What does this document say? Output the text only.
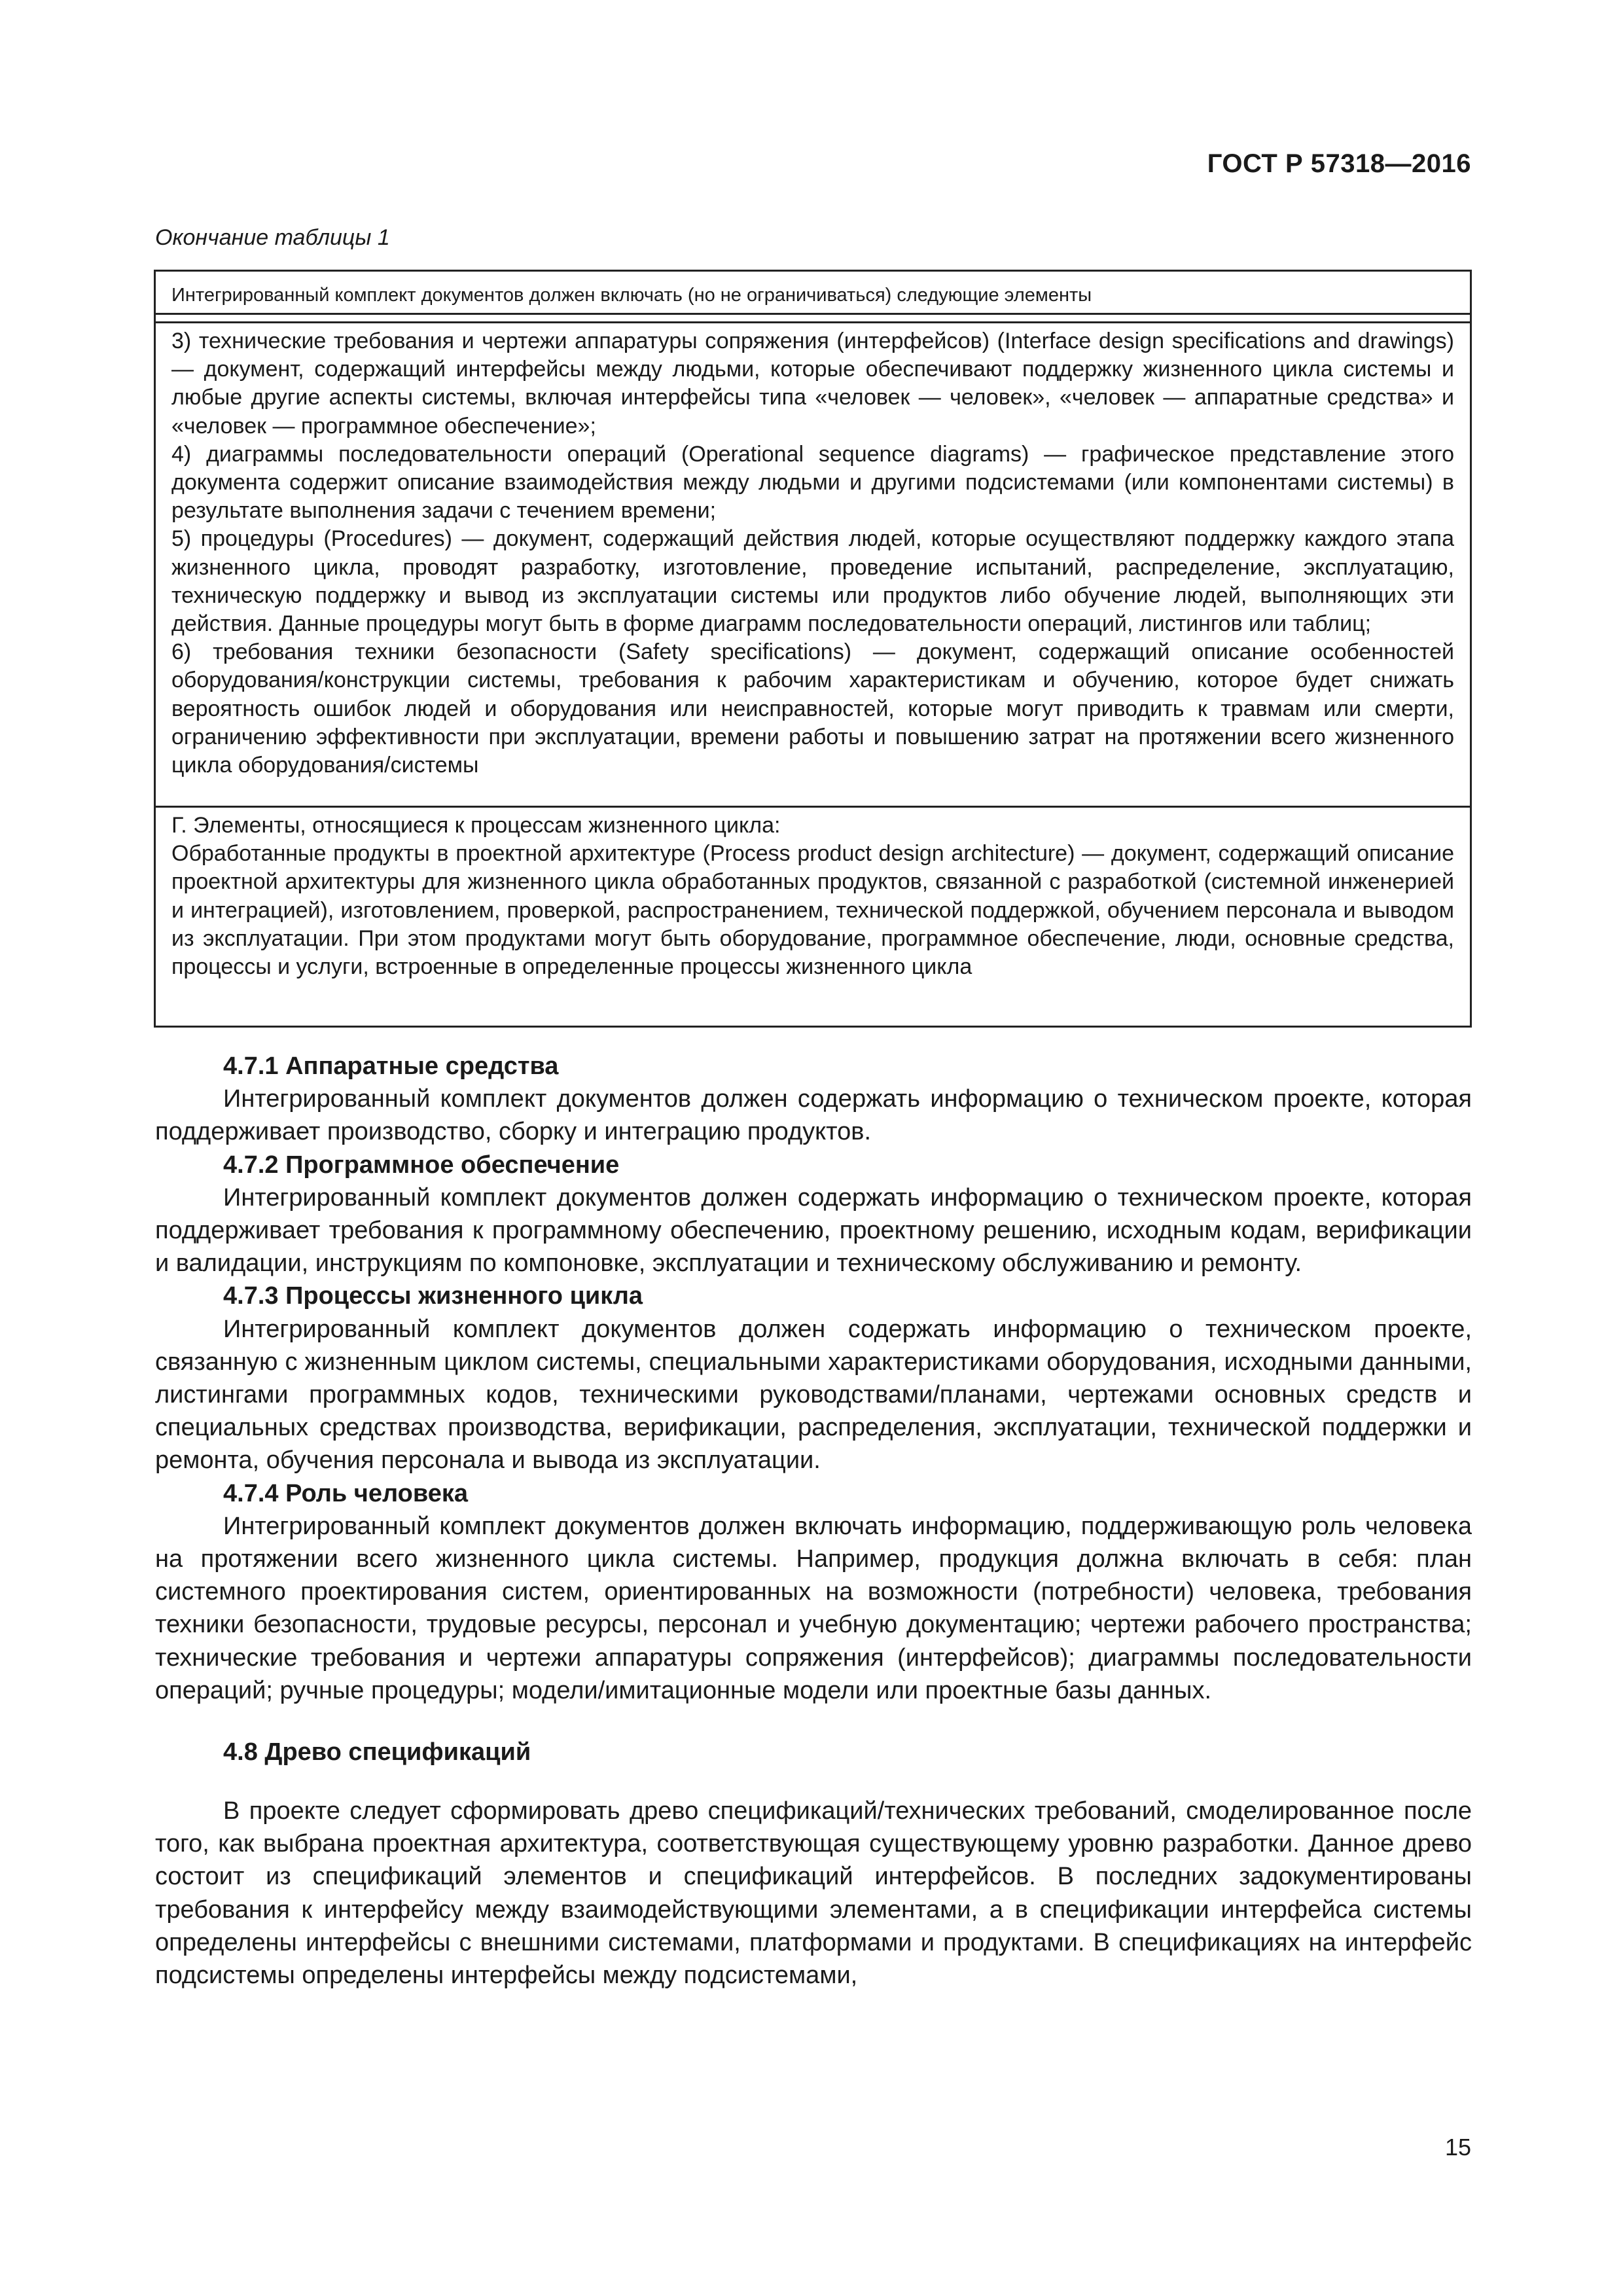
ГОСТ Р 57318—2016
Окончание таблицы 1
Интегрированный комплект документов должен включать (но не ограничиваться) следующие элементы

3) технические требования и чертежи аппаратуры сопряжения (интерфейсов) (Interface design specifications and drawings) — документ, содержащий интерфейсы между людьми, которые обеспечивают поддержку жизненного цикла системы и любые другие аспекты системы, включая интерфейсы типа «человек — человек», «человек — аппаратные средства» и «человек — программное обеспечение»;

4) диаграммы последовательности операций (Operational sequence diagrams) — графическое представление этого документа содержит описание взаимодействия между людьми и другими подсистемами (или компонентами системы) в результате выполнения задачи с течением времени;

5) процедуры (Procedures) — документ, содержащий действия людей, которые осуществляют поддержку каждого этапа жизненного цикла, проводят разработку, изготовление, проведение испытаний, распределение, эксплуатацию, техническую поддержку и вывод из эксплуатации системы или продуктов либо обучение людей, выполняющих эти действия. Данные процедуры могут быть в форме диаграмм последовательности операций, листингов или таблиц;

6) требования техники безопасности (Safety specifications) — документ, содержащий описание особенностей оборудования/конструкции системы, требования к рабочим характеристикам и обучению, которое будет снижать вероятность ошибок людей и оборудования или неисправностей, которые могут приводить к травмам или смерти, ограничению эффективности при эксплуатации, времени работы и повышению затрат на протяжении всего жизненного цикла оборудования/системы

Г. Элементы, относящиеся к процессам жизненного цикла:

Обработанные продукты в проектной архитектуре (Process product design architecture) — документ, содержащий описание проектной архитектуры для жизненного цикла обработанных продуктов, связанной с разработкой (системной инженерией и интеграцией), изготовлением, проверкой, распространением, технической поддержкой, обучением персонала и выводом из эксплуатации. При этом продуктами могут быть оборудование, программное обеспечение, люди, основные средства, процессы и услуги, встроенные в определенные процессы жизненного цикла

4.7.1 Аппаратные средства

Интегрированный комплект документов должен содержать информацию о техническом проекте, которая поддерживает производство, сборку и интеграцию продуктов.

4.7.2 Программное обеспечение

Интегрированный комплект документов должен содержать информацию о техническом проекте, которая поддерживает требования к программному обеспечению, проектному решению, исходным кодам, верификации и валидации, инструкциям по компоновке, эксплуатации и техническому обслуживанию и ремонту.

4.7.3 Процессы жизненного цикла

Интегрированный комплект документов должен содержать информацию о техническом проекте, связанную с жизненным циклом системы, специальными характеристиками оборудования, исходными данными, листингами программных кодов, техническими руководствами/планами, чертежами основных средств и специальных средствах производства, верификации, распределения, эксплуатации, технической поддержки и ремонта, обучения персонала и вывода из эксплуатации.

4.7.4 Роль человека

Интегрированный комплект документов должен включать информацию, поддерживающую роль человека на протяжении всего жизненного цикла системы. Например, продукция должна включать в себя: план системного проектирования систем, ориентированных на возможности (потребности) человека, требования техники безопасности, трудовые ресурсы, персонал и учебную документацию; чертежи рабочего пространства; технические требования и чертежи аппаратуры сопряжения (интерфейсов); диаграммы последовательности операций; ручные процедуры; модели/имитационные модели или проектные базы данных.

4.8 Древо спецификаций

В проекте следует сформировать древо спецификаций/технических требований, смоделированное после того, как выбрана проектная архитектура, соответствующая существующему уровню разработки. Данное древо состоит из спецификаций элементов и спецификаций интерфейсов. В последних задокументированы требования к интерфейсу между взаимодействующими элементами, а в спецификации интерфейса системы определены интерфейсы с внешними системами, платформами и продуктами. В спецификациях на интерфейс подсистемы определены интерфейсы между подсистемами,

15
